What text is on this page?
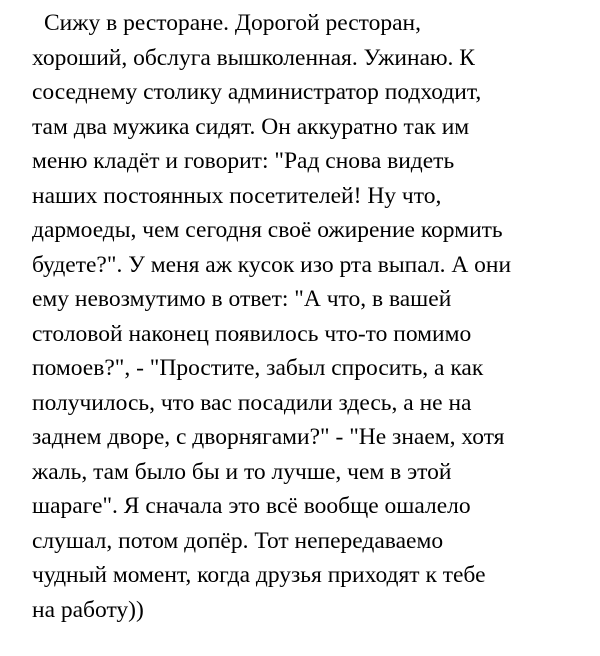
Сижу в ресторане. Дорогой ресторан,
хороший, обслуга вышколенная. Ужинаю. К
соседнему столику администратор подходит,
там два мужика сидят. Он аккуратно так им
меню кладёт и говорит: "Рад снова видеть
наших постоянных посетителей! Ну что,
дармоеды, чем сегодня своё ожирение кормить
будете?". У меня аж кусок изо рта выпал. А они
ему невозмутимо в ответ: "А что, в вашей
столовой наконец появилось что-то помимо
помоев?", - "Простите, забыл спросить, а как
получилось, что вас посадили здесь, а не на
заднем дворе, с дворнягами?" - "Не знаем, хотя
жаль, там было бы и то лучше, чем в этой
шараге". Я сначала это всё вообще ошалело
слушал, потом допёр. Тот непередаваемо
чудный момент, когда друзья приходят к тебе
на работу))
